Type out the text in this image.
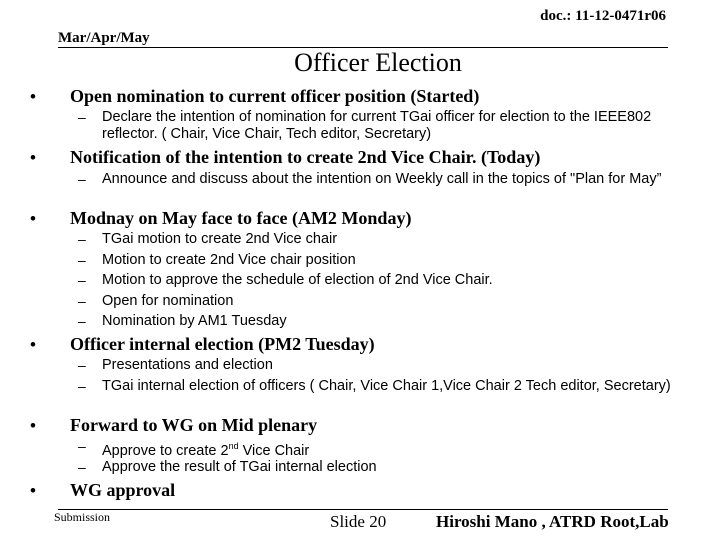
doc.: 11-12-0471r06
Mar/Apr/May
Officer Election
• Open nomination to current officer position (Started)
– Declare the intention of nomination for current TGai officer for election to the IEEE802 reflector. ( Chair, Vice Chair, Tech editor, Secretary)
• Notification of the intention to create 2nd Vice Chair. (Today)
– Announce and discuss about the intention on Weekly call in the topics of "Plan for May”
• Modnay on May face to face (AM2 Monday)
– TGai motion to create 2nd Vice chair
– Motion to create 2nd Vice chair position
– Motion to approve the schedule of election of 2nd Vice Chair.
– Open for nomination
– Nomination by AM1 Tuesday
• Officer internal election (PM2 Tuesday)
– Presentations and election
– TGai internal election of officers ( Chair, Vice Chair 1,Vice Chair 2 Tech editor, Secretary)
• Forward to WG on Mid plenary
– Approve to create 2nd Vice Chair
– Approve the result of TGai internal election
• WG approval
Submission	Slide 20	Hiroshi Mano , ATRD Root,Lab
